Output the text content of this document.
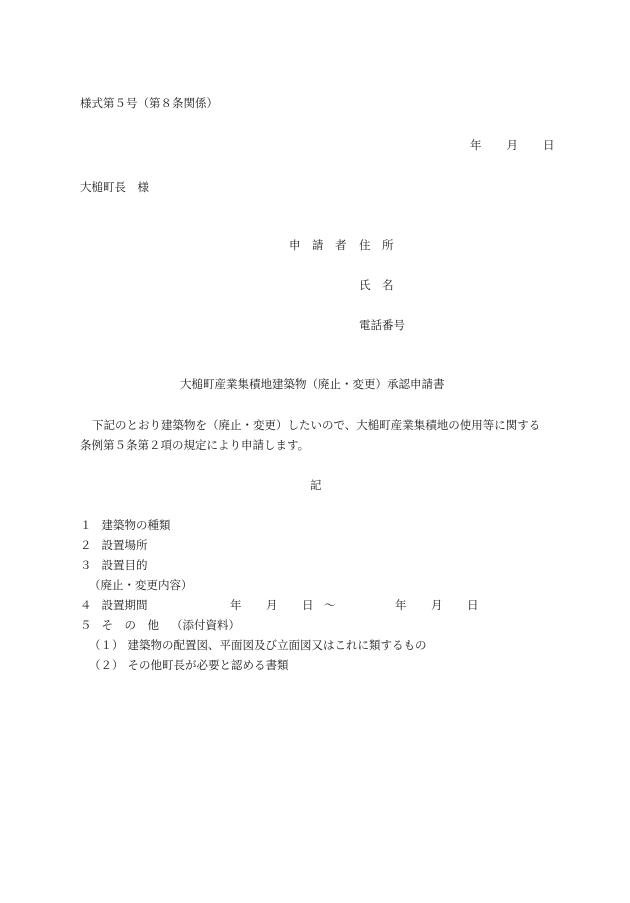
様式第５号（第８条関係）
年 月 日
大槌町長　様
申　請　者 住　所
氏　名
電話番号
大槌町産業集積地建築物（廃止・変更）承認申請書
下記のとおり建築物を（廃止・変更）したいので、大槌町産業集積地の使用等に関する
条例第５条第２項の規定により申請します。
記
１ 建築物の種類
２ 設置場所
３ 設置目的
（廃止・変更内容）
４ 設置期間	年 月 日 ～	年 月 日
５ そ　の　他 （添付資料）
（１） 建築物の配置図、平面図及び立面図又はこれに類するもの
（２） その他町長が必要と認める書類
